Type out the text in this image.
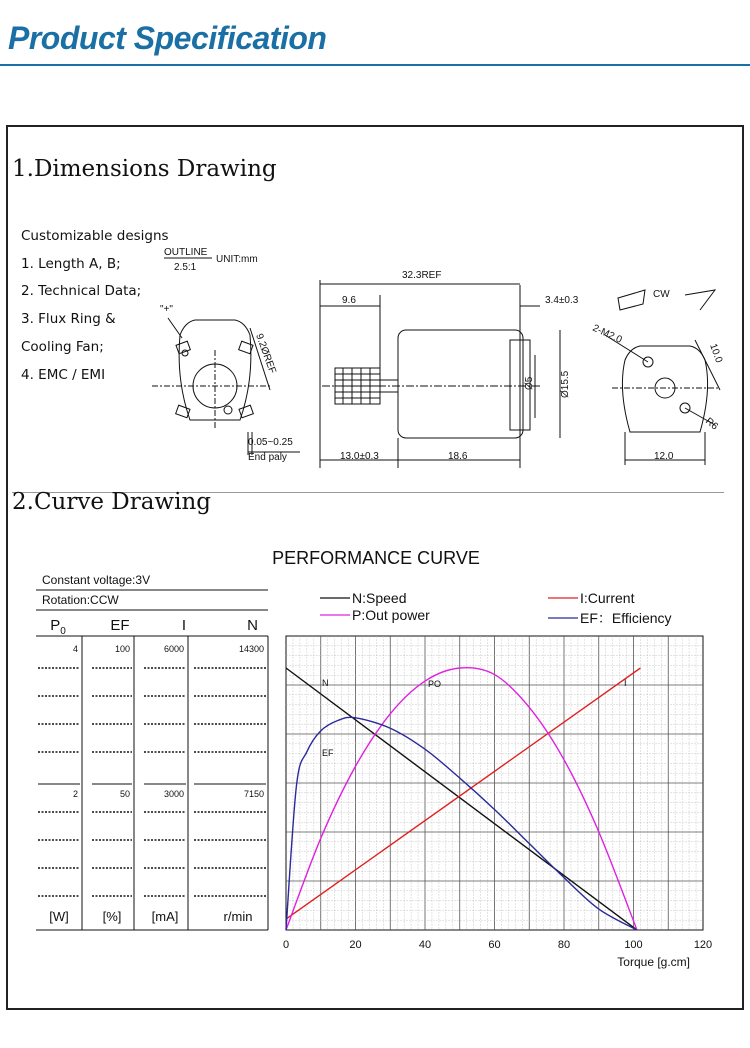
Product Specification
1.Dimensions Drawing
Customizable designs
1. Length A, B;
2. Technical Data;
3. Flux Ring &
Cooling Fan;
4. EMC / EMI
OUTLINE
2.5:1
UNIT:mm
"+"
9.2ØREF
0.05~0.25
End paly
32.3REF
9.6	3.4±0.3
Ø5	Ø15.5
13.0±0.3	18.6
CW
2-M2.0
10.0
R6
12.0
2.Curve Drawing
PERFORMANCE CURVE
Constant voltage:3V
Rotation:CCW
$P_0$	EF	I	N
4
2
[W]
100
50
[%]
6000
3000
[mA]
14300
7150
r/min
N:Speed
P:Out power
I:Current
EF：Efficiency
0	20	40	60	80	100	120
Torque [g.cm]
N	PO	I
EF
